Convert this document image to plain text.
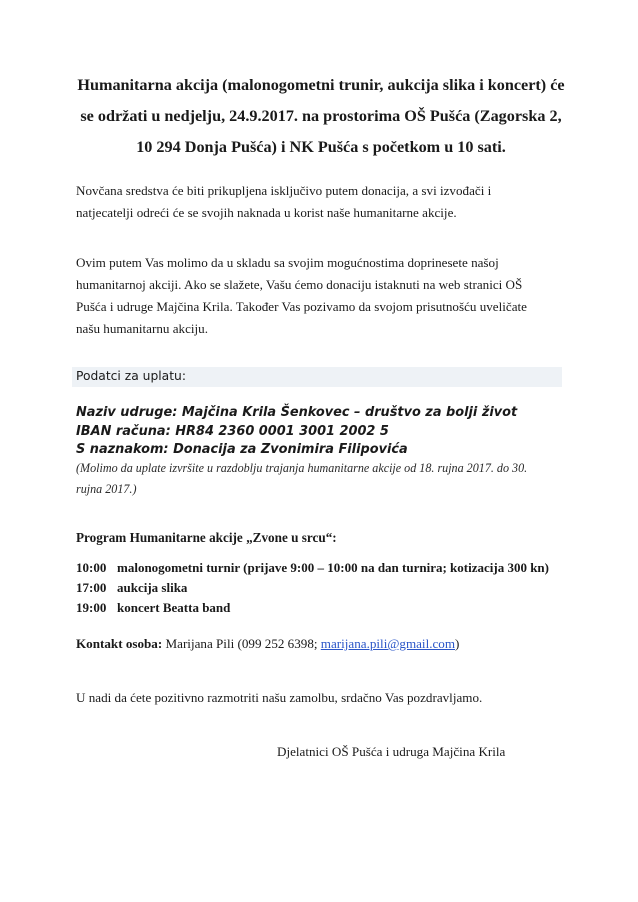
Humanitarna akcija (malonogometni trunir, aukcija slika i koncert) će
se održati u nedjelju, 24.9.2017. na prostorima OŠ Pušća (Zagorska 2,
10 294 Donja Pušća) i NK Pušća s početkom u 10 sati.
Novčana sredstva će biti prikupljena isključivo putem donacija, a svi izvođači i
natjecatelji odreći će se svojih naknada u korist naše humanitarne akcije.
Ovim putem Vas molimo da u skladu sa svojim mogućnostima doprinesete našoj
humanitarnoj akciji. Ako se slažete, Vašu ćemo donaciju istaknuti na web stranici OŠ
Pušća i udruge Majčina Krila. Također Vas pozivamo da svojom prisutnošću uveličate
našu humanitarnu akciju.
Podatci za uplatu:
Naziv udruge: Majčina Krila Šenkovec – društvo za bolji život
IBAN računa: HR84 2360 0001 3001 2002 5
S naznakom: Donacija za Zvonimira Filipovića
(Molimo da uplate izvršite u razdoblju trajanja humanitarne akcije od 18. rujna 2017. do 30.
rujna 2017.)
Program Humanitarne akcije „Zvone u srcu“:
10:00 malonogometni turnir (prijave 9:00 – 10:00 na dan turnira; kotizacija 300 kn)
17:00 aukcija slika
19:00 koncert Beatta band
Kontakt osoba: Marijana Pili (099 252 6398; marijana.pili@gmail.com)
U nadi da ćete pozitivno razmotriti našu zamolbu, srdačno Vas pozdravljamo.
Djelatnici OŠ Pušća i udruga Majčina Krila
